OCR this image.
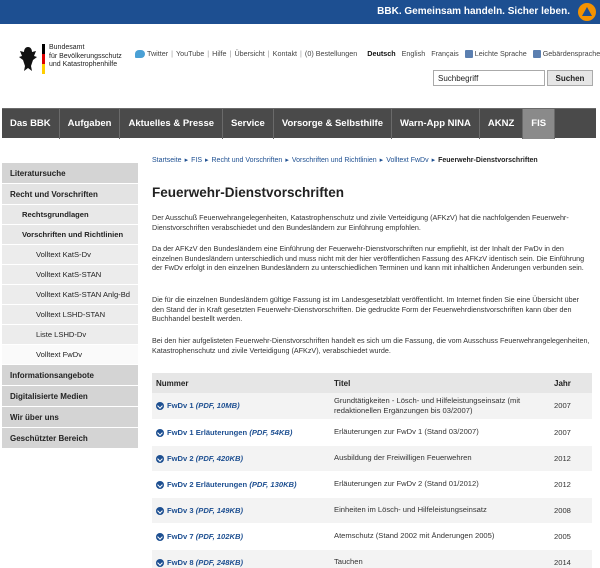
BBK. Gemeinsam handeln. Sicher leben.
Bundesamt
für Bevölkerungsschutz
und Katastrophenhilfe
Twitter | YouTube | Hilfe | Übersicht | Kontakt | (0) Bestellungen Deutsch English Français Leichte Sprache Gebärdensprache
Suchbegriff
Suchen
Das BBK	Aufgaben	Aktuelles & Presse	Service	Vorsorge & Selbsthilfe	Warn-App NINA	AKNZ	FIS
Literatursuche
Recht und Vorschriften
Rechtsgrundlagen
Vorschriften und Richtlinien
Volltext KatS-Dv
Volltext KatS-STAN
Volltext KatS-STAN Anlg-Bd
Volltext LSHD-STAN
Liste LSHD-Dv
Volltext FwDv
Informationsangebote
Digitalisierte Medien
Wir über uns
Geschützter Bereich
Startseite ▸ FIS ▸ Recht und Vorschriften ▸ Vorschriften und Richtlinien ▸ Volltext FwDv ▸ Feuerwehr-Dienstvorschriften
Feuerwehr-Dienstvorschriften

Der Ausschuß Feuerwehrangelegenheiten, Katastrophenschutz und zivile Verteidigung (AFKzV) hat die nachfolgenden Feuerwehr-Dienstvorschriften verabschiedet und den Bundesländern zur Einführung empfohlen.

Da der AFKzV den Bundesländern eine Einführung der Feuerwehr-Dienstvorschriften nur empfiehlt, ist der Inhalt der FwDv in den einzelnen Bundesländern unterschiedlich und muss nicht mit der hier veröffentlichen Fassung des AFKzV identisch sein. Die Einführung der FwDv erfolgt in den einzelnen Bundesländern zu unterschiedlichen Terminen und kann mit inhaltlichen Änderungen verbunden sein.

Die für die einzelnen Bundesländern gültige Fassung ist im Landesgesetzblatt veröffentlicht. Im Internet finden Sie eine Übersicht über den Stand der in Kraft gesetzten Feuerwehr-Dienstvorschriften. Die gedruckte Form der Feuerwehrdienstvorschriften kann über den Buchhandel bestellt werden.

Bei den hier aufgelisteten Feuerwehr-Dienstvorschriften handelt es sich um die Fassung, die vom Ausschuss Feuerwehrangelegenheiten, Katastrophenschutz und zivile Verteidigung (AFKzV), verabschiedet wurde.

Nummer	Titel	Jahr
FwDv 1 (PDF, 10MB)	Grundtätigkeiten - Lösch- und Hilfeleistungseinsatz (mit redaktionellen Ergänzungen bis 03/2007)	2007
FwDv 1 Erläuterungen (PDF, 54KB)	Erläuterungen zur FwDv 1 (Stand 03/2007)	2007
FwDv 2 (PDF, 420KB)	Ausbildung der Freiwilligen Feuerwehren	2012
FwDv 2 Erläuterungen (PDF, 130KB)	Erläuterungen zur FwDv 2 (Stand 01/2012)	2012
FwDv 3 (PDF, 149KB)	Einheiten im Lösch- und Hilfeleistungseinsatz	2008
FwDv 7 (PDF, 102KB)	Atemschutz (Stand 2002 mit Änderungen 2005)	2005
FwDv 8 (PDF, 248KB)	Tauchen	2014
